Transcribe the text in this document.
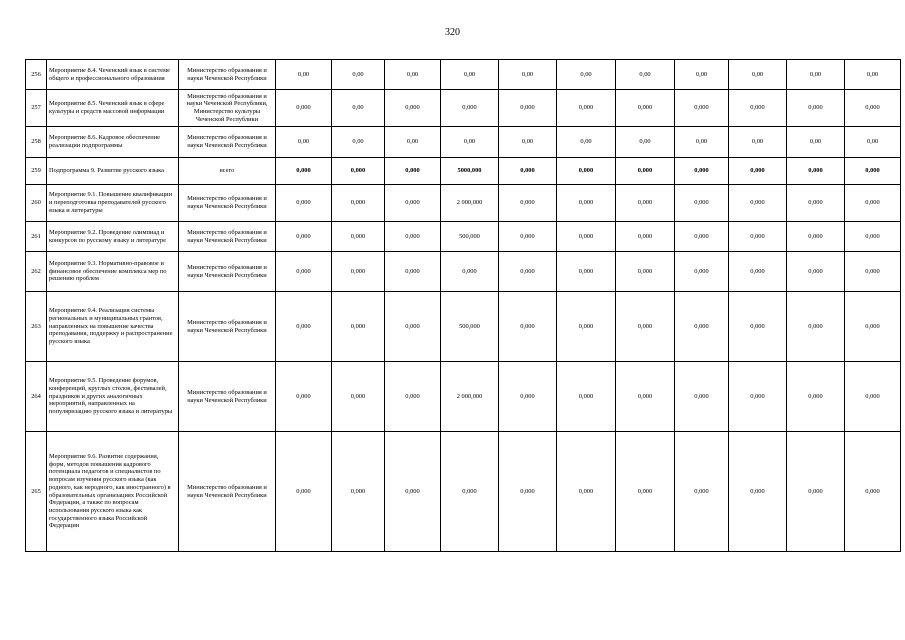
320
256	Мероприятие 8.4. Чеченский язык в системе общего и профессионального образования	Министерство образования и науки Чеченской Республики	0,00	0,00	0,00	0,00	0,00	0,00	0,00	0,00	0,00	0,00	0,00
257	Мероприятие 8.5. Чеченский язык в сфере культуры и средств массовой информации	Министерство образования и науки Чеченской Республики, Министерство культуры Чеченской Республики	0,000	0,00	0,000	0,000	0,000	0,000	0,000	0,000	0,000	0,000	0,000
258	Мероприятие 8.6. Кадровое обеспечение реализации подпрограммы	Министерство образования и науки Чеченской Республики	0,00	0,00	0,00	0,00	0,00	0,00	0,00	0,00	0,00	0,00	0,00
259	Подпрограмма 9. Развитие русского языка	всего	0,000	0,000	0,000	5000,000	0,000	0,000	0,000	0,000	0,000	0,000	0,000
260	Мероприятие 9.1. Повышение квалификации и переподготовка преподавателей русского языка и литературы	Министерство образования и науки Чеченской Республики	0,000	0,000	0,000	2 000,000	0,000	0,000	0,000	0,000	0,000	0,000	0,000
261	Мероприятие 9.2. Проведение олимпиад и конкурсов по русскому языку и литературе	Министерство образования и науки Чеченской Республики	0,000	0,000	0,000	500,000	0,000	0,000	0,000	0,000	0,000	0,000	0,000
262	Мероприятие 9.3. Нормативно-правовое и финансовое обеспечение комплекса мер по решению проблем	Министерство образования и науки Чеченской Республики	0,000	0,000	0,000	0,000	0,000	0,000	0,000	0,000	0,000	0,000	0,000
263	Мероприятие 9.4. Реализация системы региональных и муниципальных грантов, направленных на повышение качества преподавания, поддержку и распространение русского языка	Министерство образования и науки Чеченской Республики	0,000	0,000	0,000	500,000	0,000	0,000	0,000	0,000	0,000	0,000	0,000
264	Мероприятие 9.5. Проведение форумов, конференций, круглых столов, фестивалей, праздников и других аналогичных мероприятий, направленных на популяризацию русского языка и литературы	Министерство образования и науки Чеченской Республики	0,000	0,000	0,000	2 000,000	0,000	0,000	0,000	0,000	0,000	0,000	0,000
265	Мероприятие 9.6. Развитие содержания, форм, методов повышения кадрового потенциала педагогов и специалистов по вопросам изучения русского языка (как родного, как неродного, как иностранного) в образовательных организациях Российской Федерации, а также по вопросам использования русского языка как государственного языка Российской Федерации	Министерство образования и науки Чеченской Республики	0,000	0,000	0,000	0,000	0,000	0,000	0,000	0,000	0,000	0,000	0,000
